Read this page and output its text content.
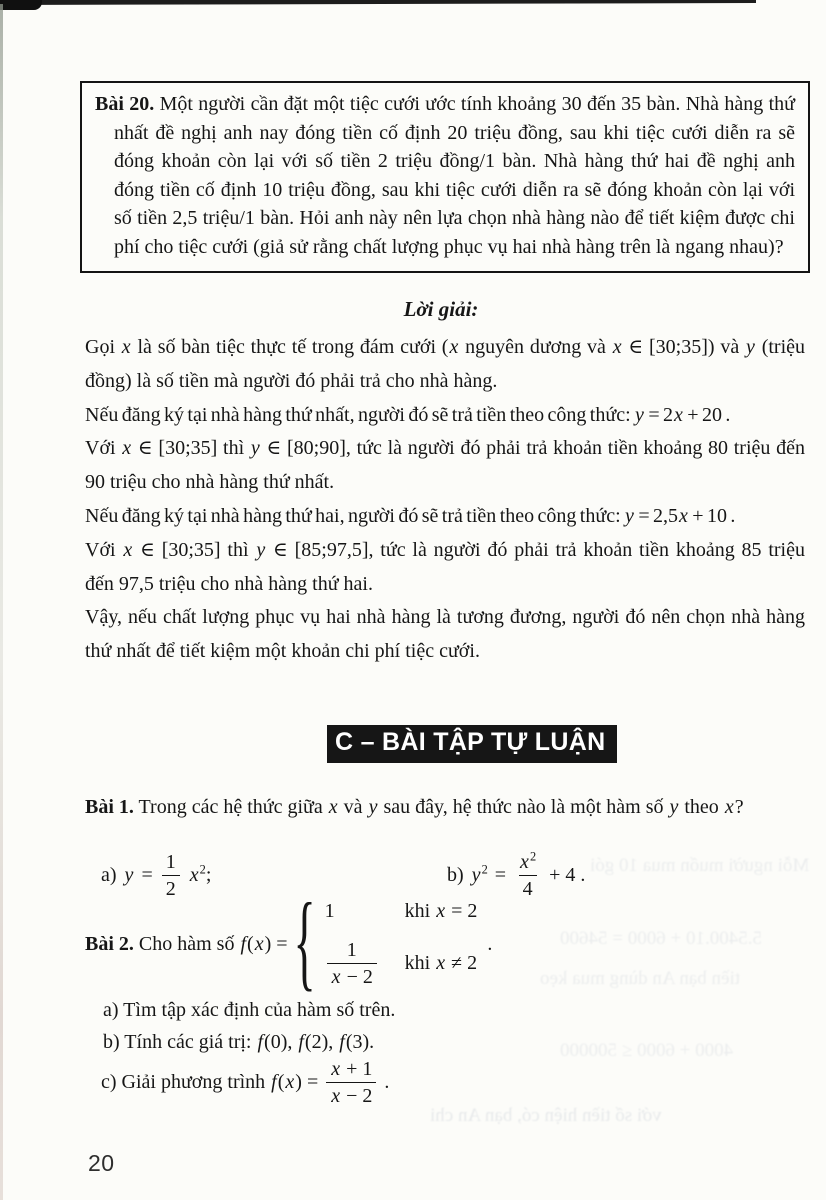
Mỗi người muốn mua 10 gói
5.5400.10 + 6000 = 54600
tiền bạn An dùng mua kẹo
4000 + 6000 ≤ 500000
với số tiền hiện có, bạn An chi
Bài 20. Một người cần đặt một tiệc cưới ước tính khoảng 30 đến 35 bàn. Nhà hàng thứ nhất đề nghị anh nay đóng tiền cố định 20 triệu đồng, sau khi tiệc cưới diễn ra sẽ đóng khoản còn lại với số tiền 2 triệu đồng/1 bàn. Nhà hàng thứ hai đề nghị anh đóng tiền cố định 10 triệu đồng, sau khi tiệc cưới diễn ra sẽ đóng khoản còn lại với số tiền 2,5 triệu/1 bàn. Hỏi anh này nên lựa chọn nhà hàng nào để tiết kiệm được chi phí cho tiệc cưới (giả sử rằng chất lượng phục vụ hai nhà hàng trên là ngang nhau)?
Lời giải:

Gọi x là số bàn tiệc thực tế trong đám cưới (x nguyên dương và x ∈ [30;35]) và y (triệu đồng) là số tiền mà người đó phải trả cho nhà hàng.

Nếu đăng ký tại nhà hàng thứ nhất, người đó sẽ trả tiền theo công thức: y = 2x + 20 .

Với x ∈ [30;35] thì y ∈ [80;90], tức là người đó phải trả khoản tiền khoảng 80 triệu đến 90 triệu cho nhà hàng thứ nhất.

Nếu đăng ký tại nhà hàng thứ hai, người đó sẽ trả tiền theo công thức: y = 2,5x + 10 .

Với x ∈ [30;35] thì y ∈ [85;97,5], tức là người đó phải trả khoản tiền khoảng 85 triệu đến 97,5 triệu cho nhà hàng thứ hai.

Vậy, nếu chất lượng phục vụ hai nhà hàng là tương đương, người đó nên chọn nhà hàng thứ nhất để tiết kiệm một khoản chi phí tiệc cưới.

C – BÀI TẬP TỰ LUẬN
Bài 1. Trong các hệ thức giữa x và y sau đây, hệ thức nào là một hàm số y theo x?
a) $y = \frac{1}{2} x^2$;	b) $y^2 = \frac{x^2}{4} + 4$ .
Bài 2. Cho hàm số f(x) = { 1	khi x = 2
$\frac{1}{x - 2}$ khi x ≠ 2
.
a) Tìm tập xác định của hàm số trên.
b) Tính các giá trị: f(0), f(2), f(3).
c) Giải phương trình $f(x) = \frac{x + 1}{x - 2}$ .
20
